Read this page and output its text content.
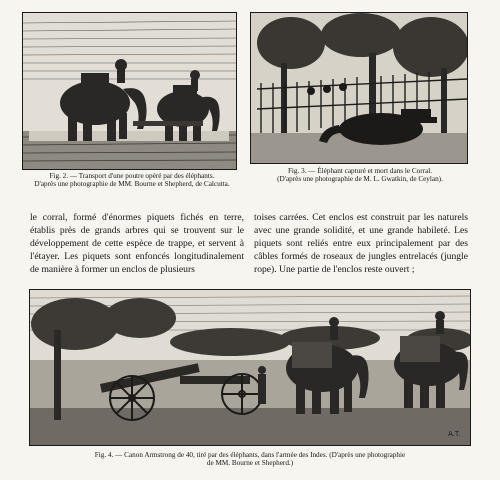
Fig. 2. — Transport d'une poutre opéré par des éléphants.
D'après une photographie de MM. Bourne et Shepherd, de Calcutta.
Fig. 3. — Éléphant capturé et mort dans le Corral.
(D'après une photographie de M. L. Gwatkin, de Ceylan).

le corral, formé d'énormes piquets fichés en terre, établis près de grands arbres qui se trouvent sur le développement de cette espèce de trappe, et servent à l'étayer. Les piquets sont enfoncés longitudinalement de manière à former un enclos de plusieurs

toises carrées. Cet enclos est construit par les naturels avec une grande solidité, et une grande habileté. Les piquets sont reliés entre eux principalement par des câbles formés de roseaux de jungles entrelacés (jungle rope). Une partie de l'enclos reste ouvert ;

A.T.
Fig. 4. — Canon Armstrong de 40, tiré par des éléphants, dans l'armée des Indes. (D'après une photographie
de MM. Bourne et Shepherd.)
